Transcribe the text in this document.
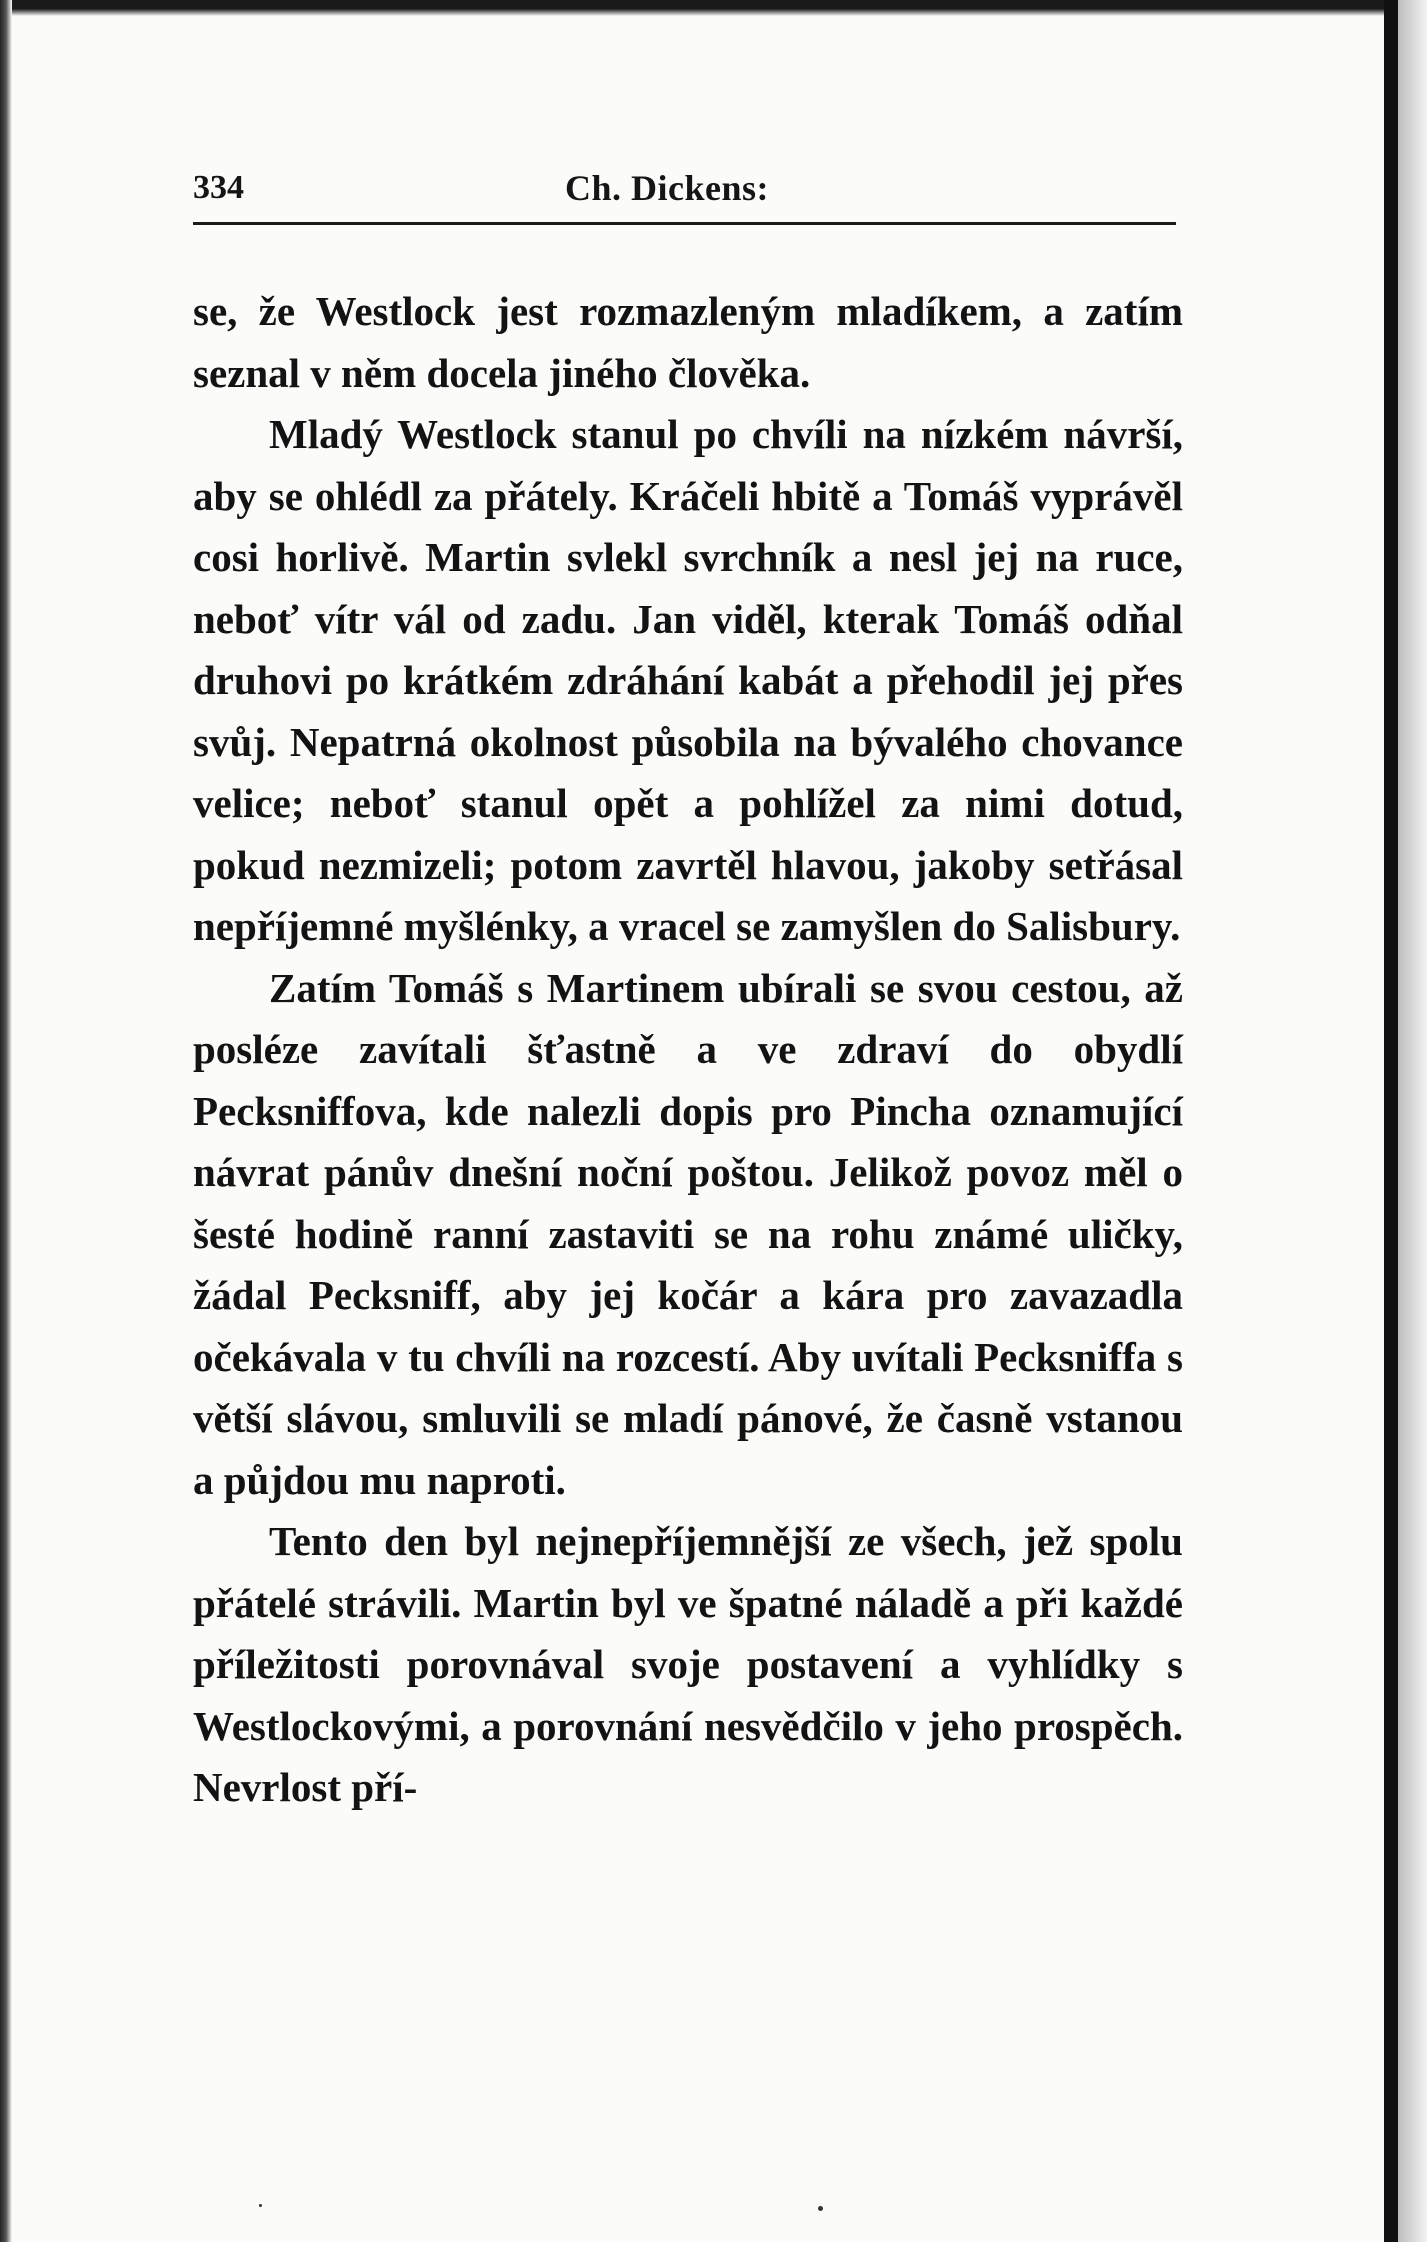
334	Ch. Dickens:

se, že Westlock jest rozmazleným mladíkem, a zatím seznal v něm docela jiného člověka.

Mladý Westlock stanul po chvíli na nízkém návrší, aby se ohlédl za přátely. Kráčeli hbitě a Tomáš vyprávěl cosi horlivě. Martin svlekl svrchník a nesl jej na ruce, neboť vítr vál od zadu. Jan viděl, kterak Tomáš odňal druhovi po krátkém zdráhání kabát a přehodil jej přes svůj. Nepatrná okolnost působila na bývalého chovance velice; neboť stanul opět a pohlížel za nimi dotud, pokud nezmizeli; potom zavrtěl hlavou, jakoby setřásal nepříjemné myšlénky, a vracel se zamyšlen do Salisbury.

Zatím Tomáš s Martinem ubírali se svou cestou, až posléze zavítali šťastně a ve zdraví do obydlí Pecksniffova, kde nalezli dopis pro Pincha oznamující návrat pánův dnešní noční poštou. Jelikož povoz měl o šesté hodině ranní zastaviti se na rohu známé uličky, žádal Pecksniff, aby jej kočár a kára pro zavazadla očekávala v tu chvíli na rozcestí. Aby uvítali Pecksniffa s větší slávou, smluvili se mladí pánové, že časně vstanou a půjdou mu naproti.

Tento den byl nejnepříjemnější ze všech, jež spolu přátelé strávili. Martin byl ve špatné náladě a při každé příležitosti porovnával svoje postavení a vyhlídky s Westlockovými, a porovnání nesvědčilo v jeho prospěch. Nevrlost pří-
